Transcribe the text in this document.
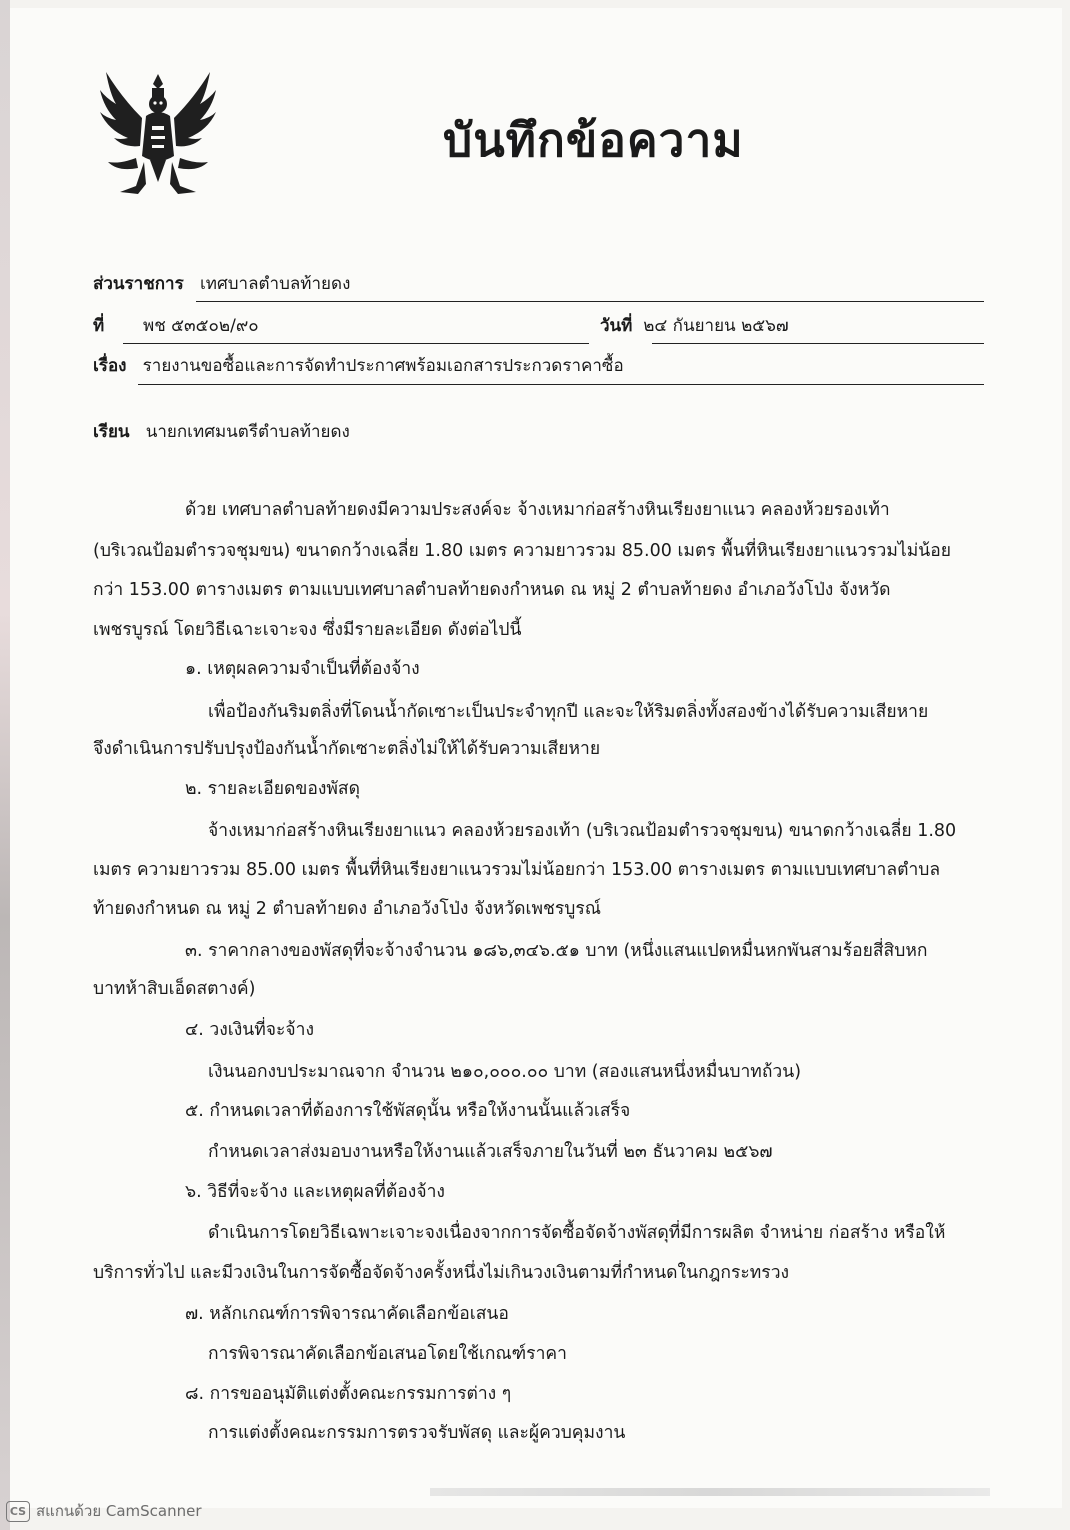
บันทึกข้อความ
ส่วนราชการ เทศบาลตำบลท้ายดง
ที่ พช ๕๓๕๐๒/๙๐	วันที่ ๒๔ กันยายน ๒๕๖๗
เรื่อง รายงานขอซื้อและการจัดทำประกาศพร้อมเอกสารประกวดราคาซื้อ
เรียน นายกเทศมนตรีตำบลท้ายดง
ด้วย เทศบาลตำบลท้ายดงมีความประสงค์จะ จ้างเหมาก่อสร้างหินเรียงยาแนว คลองห้วยรองเท้า
(บริเวณป้อมตำรวจชุมขน) ขนาดกว้างเฉลี่ย 1.80 เมตร ความยาวรวม 85.00 เมตร พื้นที่หินเรียงยาแนวรวมไม่น้อย
กว่า 153.00 ตารางเมตร ตามแบบเทศบาลตำบลท้ายดงกำหนด ณ หมู่ 2 ตำบลท้ายดง อำเภอวังโป่ง จังหวัด
เพชรบูรณ์ โดยวิธีเฉาะเจาะจง ซึ่งมีรายละเอียด ดังต่อไปนี้
๑. เหตุผลความจำเป็นที่ต้องจ้าง
เพื่อป้องกันริมตลิ่งที่โดนน้ำกัดเซาะเป็นประจำทุกปี และจะให้ริมตลิ่งทั้งสองข้างได้รับความเสียหาย
จึงดำเนินการปรับปรุงป้องกันน้ำกัดเซาะตลิ่งไม่ให้ได้รับความเสียหาย
๒. รายละเอียดของพัสดุ
จ้างเหมาก่อสร้างหินเรียงยาแนว คลองห้วยรองเท้า (บริเวณป้อมตำรวจชุมขน) ขนาดกว้างเฉลี่ย 1.80
เมตร ความยาวรวม 85.00 เมตร พื้นที่หินเรียงยาแนวรวมไม่น้อยกว่า 153.00 ตารางเมตร ตามแบบเทศบาลตำบล
ท้ายดงกำหนด ณ หมู่ 2 ตำบลท้ายดง อำเภอวังโป่ง จังหวัดเพชรบูรณ์
๓. ราคากลางของพัสดุที่จะจ้างจำนวน ๑๘๖,๓๔๖.๕๑ บาท (หนึ่งแสนแปดหมื่นหกพันสามร้อยสี่สิบหก
บาทห้าสิบเอ็ดสตางค์)
๔. วงเงินที่จะจ้าง
เงินนอกงบประมาณจาก จำนวน ๒๑๐,๐๐๐.๐๐ บาท (สองแสนหนึ่งหมื่นบาทถ้วน)
๕. กำหนดเวลาที่ต้องการใช้พัสดุนั้น หรือให้งานนั้นแล้วเสร็จ
กำหนดเวลาส่งมอบงานหรือให้งานแล้วเสร็จภายในวันที่ ๒๓ ธันวาคม ๒๕๖๗
๖. วิธีที่จะจ้าง และเหตุผลที่ต้องจ้าง
ดำเนินการโดยวิธีเฉพาะเจาะจงเนื่องจากการจัดซื้อจัดจ้างพัสดุที่มีการผลิต จำหน่าย ก่อสร้าง หรือให้
บริการทั่วไป และมีวงเงินในการจัดซื้อจัดจ้างครั้งหนึ่งไม่เกินวงเงินตามที่กำหนดในกฎกระทรวง
๗. หลักเกณฑ์การพิจารณาคัดเลือกข้อเสนอ
การพิจารณาคัดเลือกข้อเสนอโดยใช้เกณฑ์ราคา
๘. การขออนุมัติแต่งตั้งคณะกรรมการต่าง ๆ
การแต่งตั้งคณะกรรมการตรวจรับพัสดุ และผู้ควบคุมงาน
CS สแกนด้วย CamScanner
